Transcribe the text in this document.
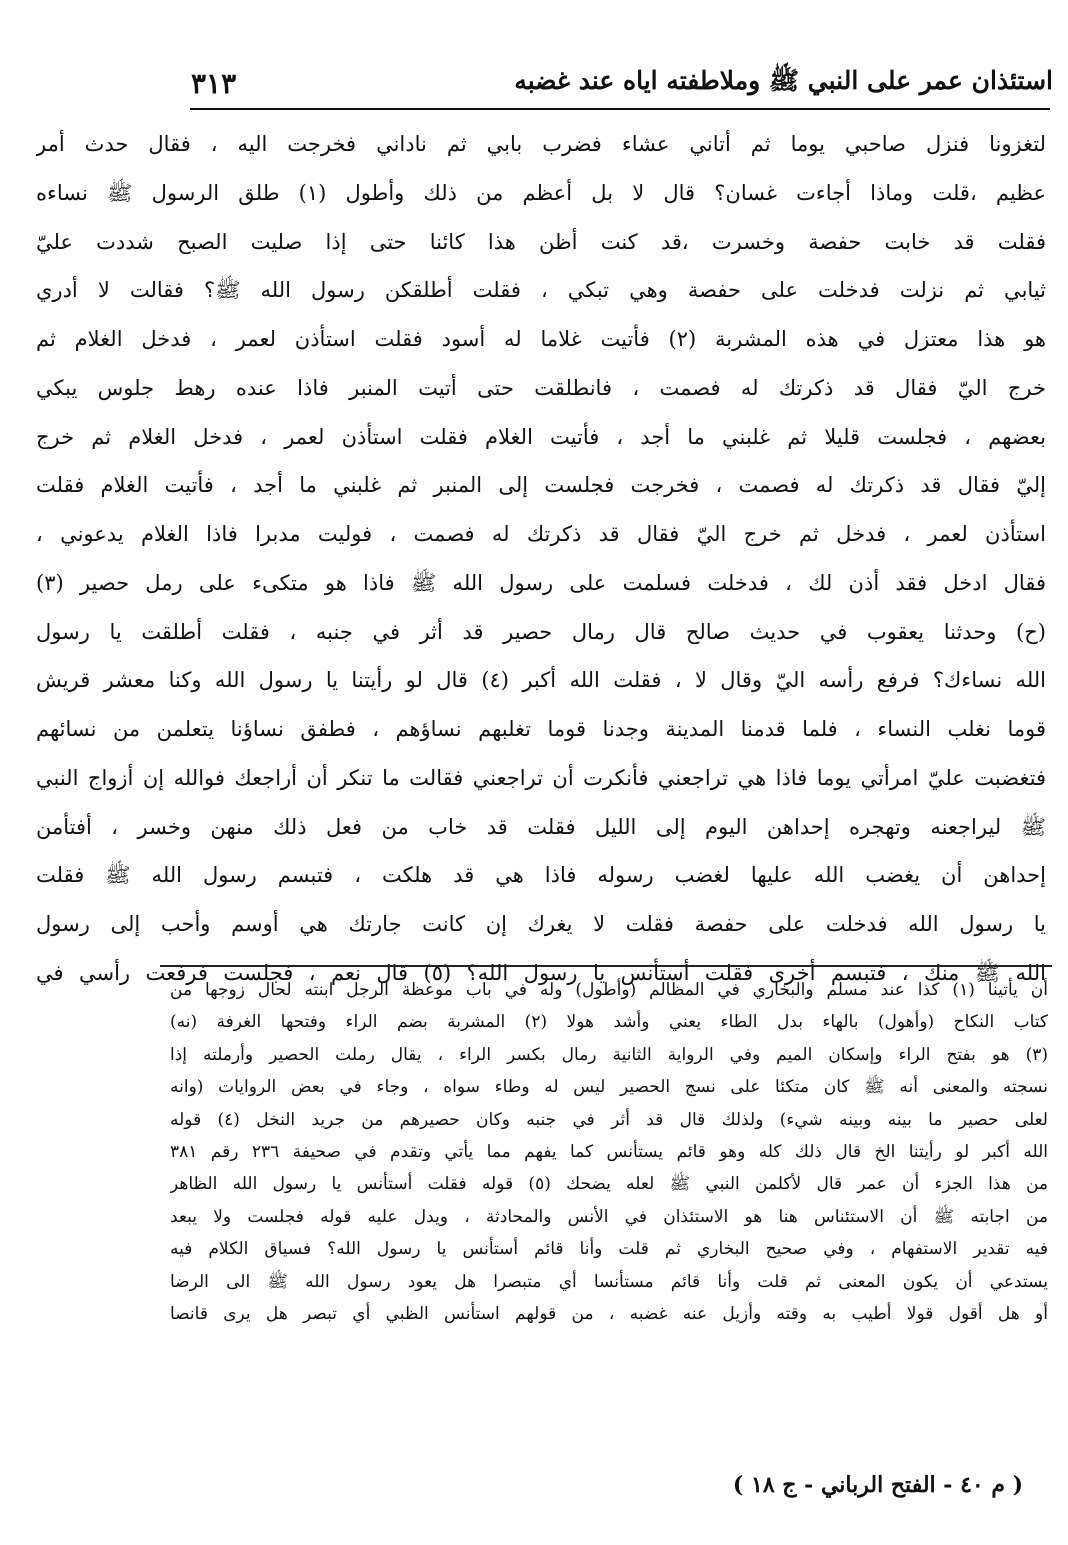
استئذان عمر على النبي ﷺ وملاطفته اياه عند غضبه
٣١٣
لتغزونا فنزل صاحبي يوما ثم أتاني عشاء فضرب بابي ثم ناداني فخرجت اليه ، فقال حدث أمر
عظيم ،قلت وماذا أجاءت غسان؟ قال لا بل أعظم من ذلك وأطول (١) طلق الرسول ﷺ نساءه
فقلت قد خابت حفصة وخسرت ،قد كنت أظن هذا كائنا حتى إذا صليت الصبح شددت عليّ
ثيابي ثم نزلت فدخلت على حفصة وهي تبكي ، فقلت أطلقكن رسول الله ﷺ؟ فقالت لا أدري
هو هذا معتزل في هذه المشربة (٢) فأتيت غلاما له أسود فقلت استأذن لعمر ، فدخل الغلام ثم
خرج اليّ فقال قد ذكرتك له فصمت ، فانطلقت حتى أتيت المنبر فاذا عنده رهط جلوس يبكي
بعضهم ، فجلست قليلا ثم غلبني ما أجد ، فأتيت الغلام فقلت استأذن لعمر ، فدخل الغلام ثم خرج
إليّ فقال قد ذكرتك له فصمت ، فخرجت فجلست إلى المنبر ثم غلبني ما أجد ، فأتيت الغلام فقلت
استأذن لعمر ، فدخل ثم خرج اليّ فقال قد ذكرتك له فصمت ، فوليت مدبرا فاذا الغلام يدعوني ،
فقال ادخل فقد أذن لك ، فدخلت فسلمت على رسول الله ﷺ فاذا هو متكىء على رمل حصير (٣)
(ح) وحدثنا يعقوب في حديث صالح قال رمال حصير قد أثر في جنبه ، فقلت أطلقت يا رسول
الله نساءك؟ فرفع رأسه اليّ وقال لا ، فقلت الله أكبر (٤) قال لو رأيتنا يا رسول الله وكنا معشر قريش
قوما نغلب النساء ، فلما قدمنا المدينة وجدنا قوما تغلبهم نساؤهم ، فطفق نساؤنا يتعلمن من نسائهم
فتغضبت عليّ امرأتي يوما فاذا هي تراجعني فأنكرت أن تراجعني فقالت ما تنكر أن أراجعك فوالله إن أزواج النبي
ﷺ ليراجعنه وتهجره إحداهن اليوم إلى الليل فقلت قد خاب من فعل ذلك منهن وخسر ، أفتأمن
إحداهن أن يغضب الله عليها لغضب رسوله فاذا هي قد هلكت ، فتبسم رسول الله ﷺ فقلت
يا رسول الله فدخلت على حفصة فقلت لا يغرك إن كانت جارتك هي أوسم وأحب إلى رسول
الله ﷺ منك ، فتبسم أخرى فقلت أستأنس يا رسول الله؟ (٥) قال نعم ، فجلست فرفعت رأسي في
أن يأتينا (١) كذا عند مسلم والبخاري في المظالم (وأطول) وله في باب موعظة الرجل ابنته لحال زوجها من
كتاب النكاح (وأهول) بالهاء بدل الطاء يعني وأشد هولا (٢) المشربة بضم الراء وفتحها الغرفة (نه)
(٣) هو بفتح الراء وإسكان الميم وفي الرواية الثانية رمال بكسر الراء ، يقال رملت الحصير وأرملته إذا
نسجته والمعنى أنه ﷺ كان متكئا على نسج الحصير ليس له وطاء سواه ، وجاء في بعض الروايات (وانه
لعلى حصير ما بينه وبينه شيء) ولذلك قال قد أثر في جنبه وكان حصيرهم من جريد النخل (٤) قوله
الله أكبر لو رأيتنا الخ قال ذلك كله وهو قائم يستأنس كما يفهم مما يأتي وتقدم في صحيفة ٢٣٦ رقم ٣٨١
من هذا الجزء أن عمر قال لأكلمن النبي ﷺ لعله يضحك (٥) قوله فقلت أستأنس يا رسول الله الظاهر
من اجابته ﷺ أن الاستئناس هنا هو الاستئذان في الأنس والمحادثة ، ويدل عليه قوله فجلست ولا يبعد
فيه تقدير الاستفهام ، وفي صحيح البخاري ثم قلت وأنا قائم أستأنس يا رسول الله؟ فسياق الكلام فيه
يستدعي أن يكون المعنى ثم قلت وأنا قائم مستأنسا أي متبصرا هل يعود رسول الله ﷺ الى الرضا
أو هل أقول قولا أطيب به وقته وأزيل عنه غضبه ، من قولهم استأنس الظبي أي تبصر هل يرى قانصا
( م ٤٠ - الفتح الرباني - ج ١٨ )
